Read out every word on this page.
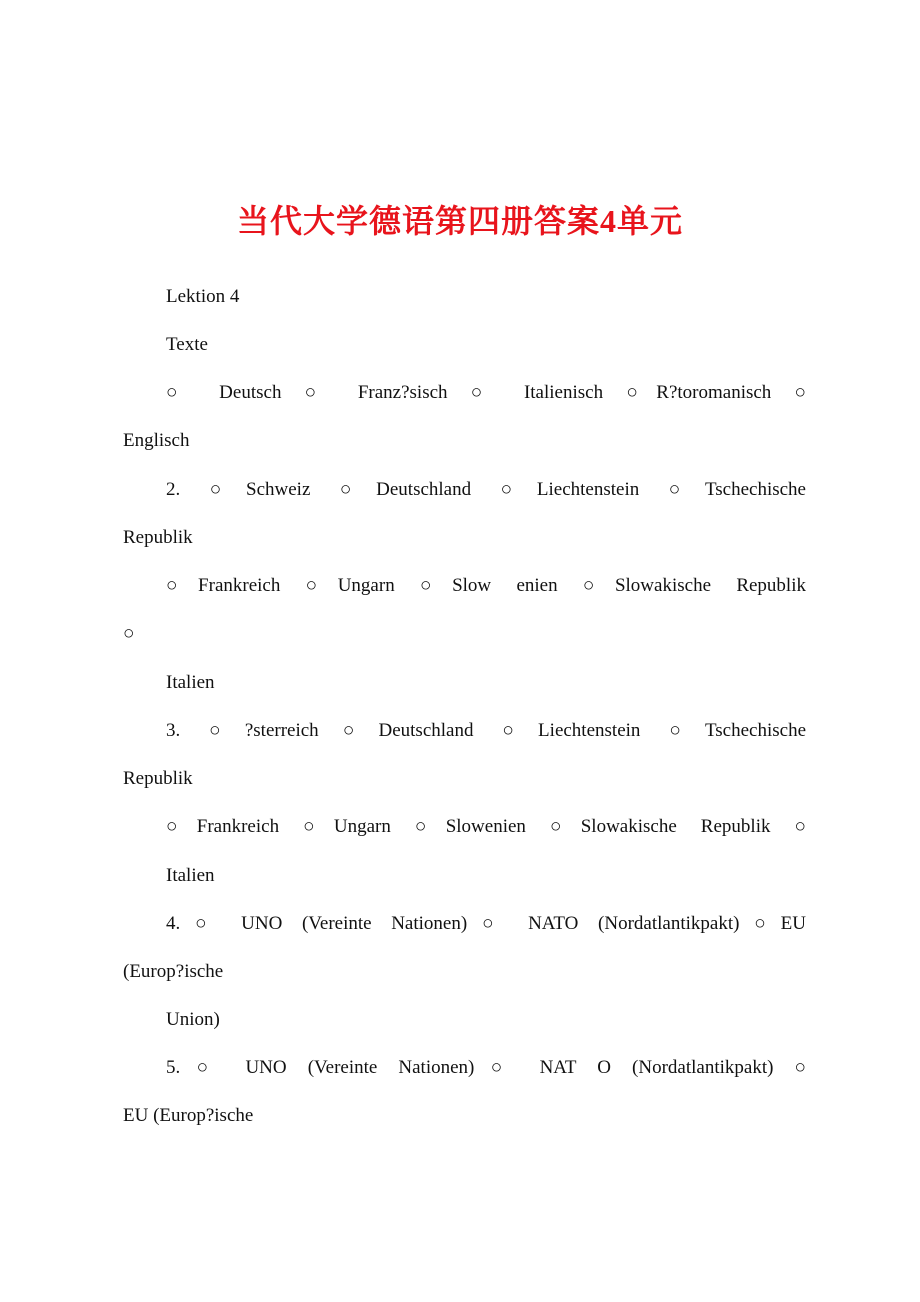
当代大学德语第四册答案4单元
Lektion 4
Texte
○ Deutsch ○ Franz?sisch ○ Italienisch ○R?toromanisch ○
Englisch
2. ○Schweiz ○Deutschland ○Liechtenstein ○Tschechische
Republik
○Frankreich ○Ungarn ○Slow enien ○Slowakische Republik
○
Italien
3. ○?sterreich○Deutschland ○Liechtenstein ○Tschechische
Republik
○Frankreich ○Ungarn ○Slowenien ○Slowakische Republik ○
Italien
4.○ UNO (Vereinte Nationen)○ NATO (Nordatlantikpakt)○EU
(Europ?ische
Union)
5.○ UNO (Vereinte Nationen)○ NAT O (Nordatlantikpakt) ○
EU (Europ?ische
